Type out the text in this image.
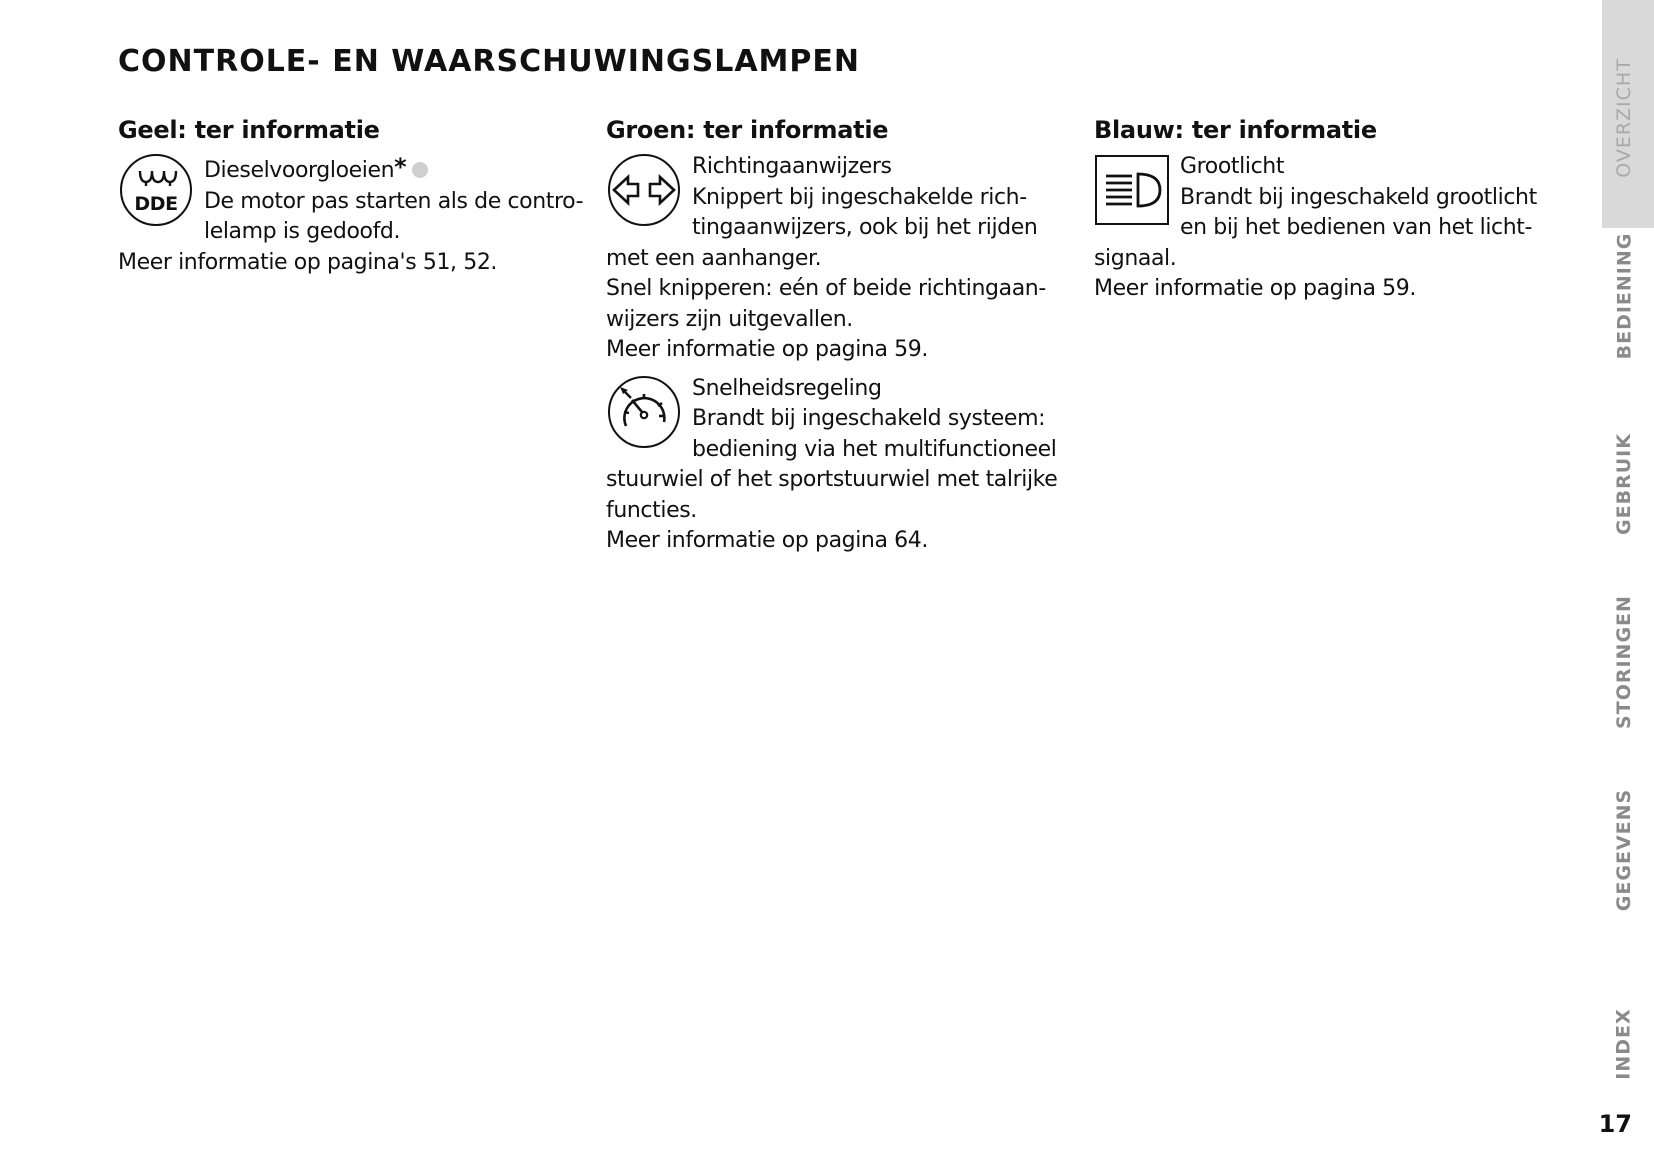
CONTROLE- EN WAARSCHUWINGSLAMPEN
Geel: ter informatie
DDE
Dieselvoorgloeien*
De motor pas starten als de contro-
lelamp is gedoofd.
Meer informatie op pagina's 51, 52.
Groen: ter informatie
Richtingaanwijzers
Knippert bij ingeschakelde rich-
tingaanwijzers, ook bij het rijden
met een aanhanger.
Snel knipperen: eén of beide richtingaan-
wijzers zijn uitgevallen.
Meer informatie op pagina 59.
Snelheidsregeling
Brandt bij ingeschakeld systeem:
bediening via het multifunctioneel
stuurwiel of het sportstuurwiel met talrijke
functies.
Meer informatie op pagina 64.
Blauw: ter informatie
Grootlicht
Brandt bij ingeschakeld grootlicht
en bij het bedienen van het licht-
signaal.
Meer informatie op pagina 59.
OVERZICHT
BEDIENING
GEBRUIK
STORINGEN
GEGEVENS
INDEX
17
